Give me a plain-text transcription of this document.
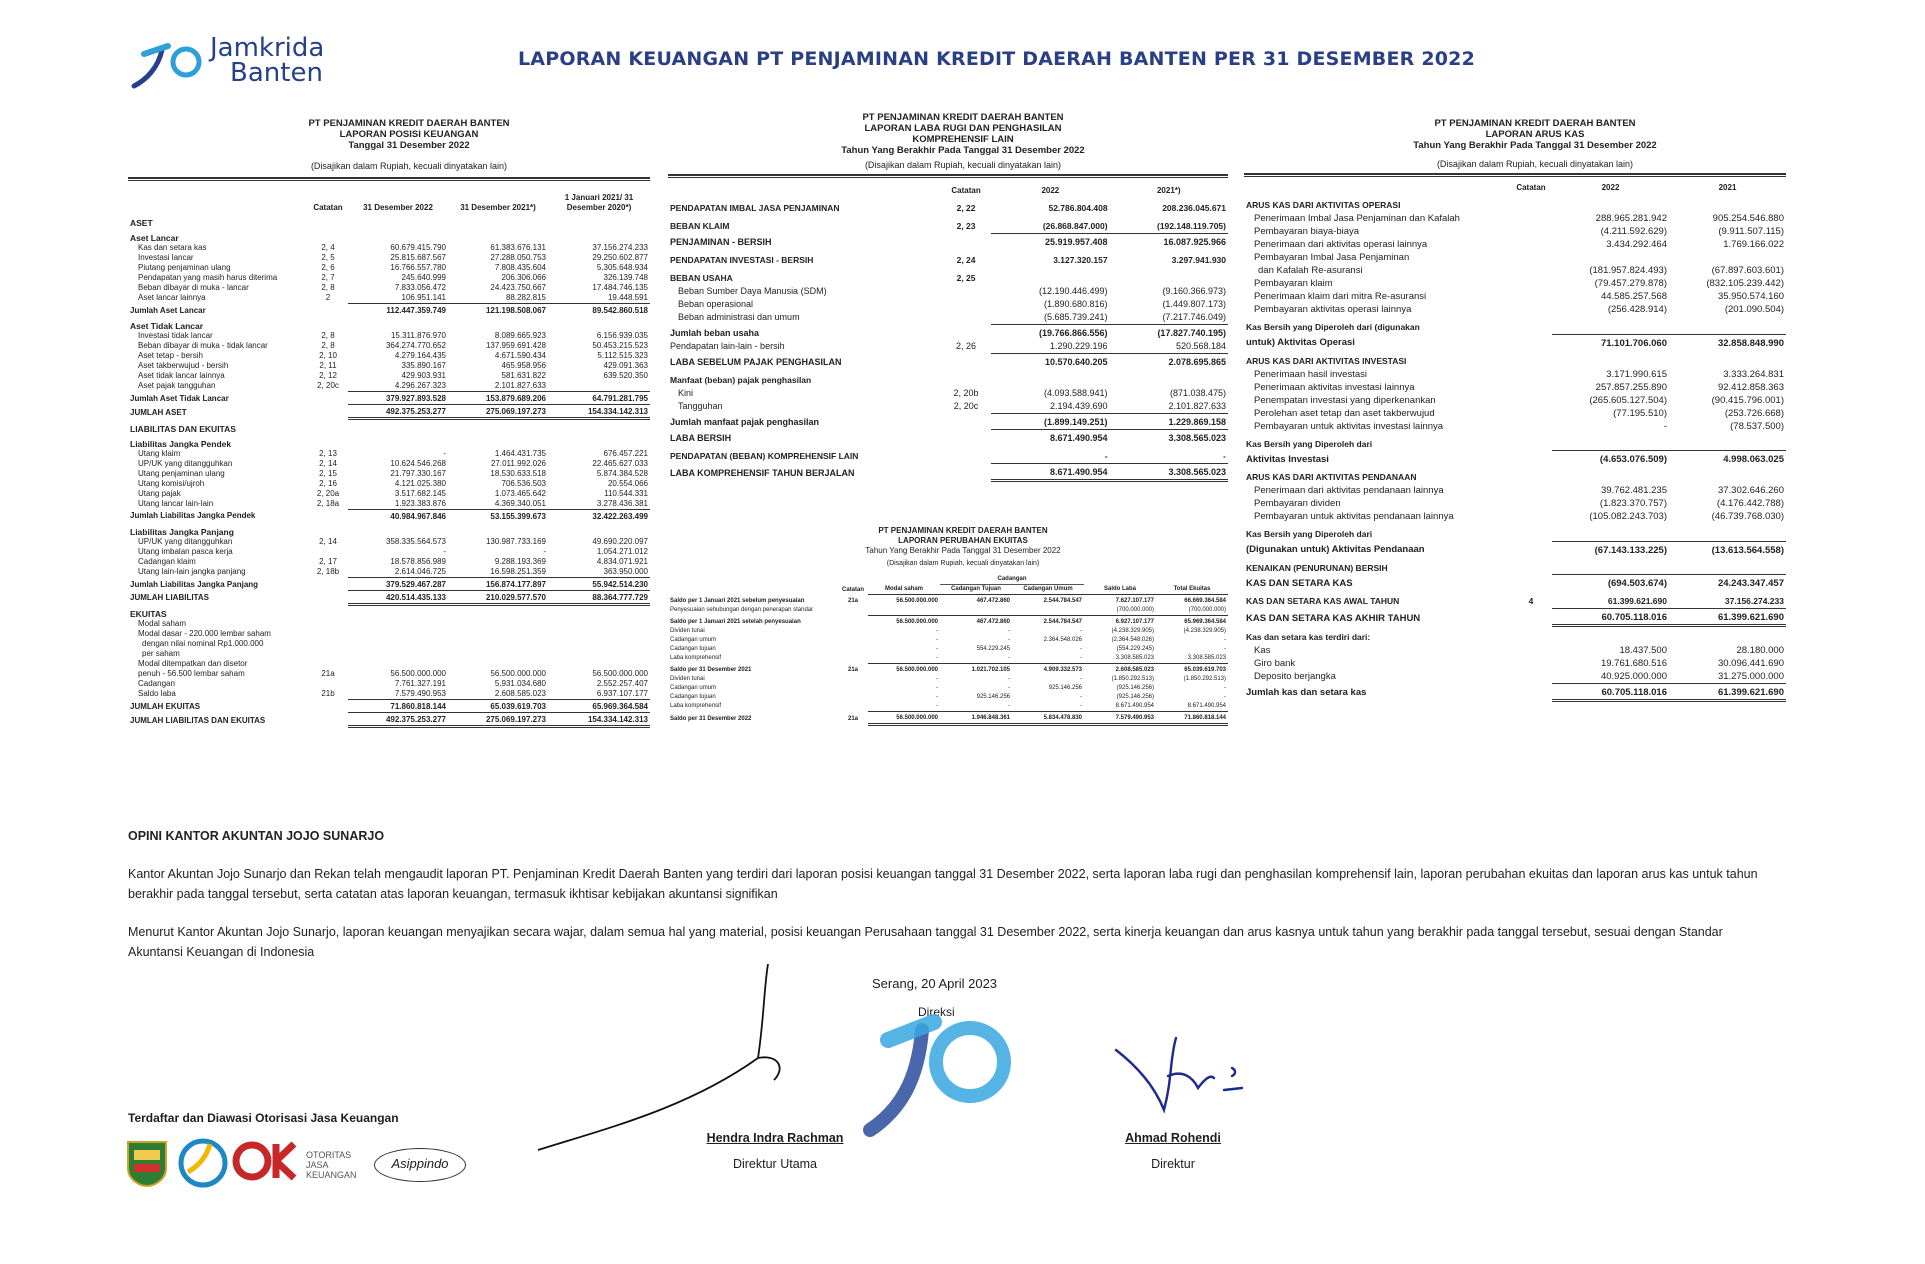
Jamkrida
Banten	LAPORAN KEUANGAN PT PENJAMINAN KREDIT DAERAH BANTEN PER 31 DESEMBER 2022
PT PENJAMINAN KREDIT DAERAH BANTEN
LAPORAN POSISI KEUANGAN
Tanggal 31 Desember 2022
(Disajikan dalam Rupiah, kecuali dinyatakan lain)
	Catatan	31 Desember 2022	31 Desember 2021*)	1 Januari 2021/ 31 Desember 2020*)
ASET				
Aset Lancar				
Kas dan setara kas	2, 4	60.679.415.790	61.383.676.131	37.156.274.233
Investasi lancar	2, 5	25.815.687.567	27.288.050.753	29.250.602.877
Piutang penjaminan ulang	2, 6	16.766.557.780	7.808.435.604	5.305.648.934
Pendapatan yang masih harus diterima	2, 7	245.640.999	206.306.066	326.139.748
Beban dibayar di muka - lancar	2, 8	7.833.056.472	24.423.750.667	17.484.746.135
Aset lancar lainnya	2	106.951.141	88.282.815	19.448.591
Jumlah Aset Lancar		112.447.359.749	121.198.508.067	89.542.860.518
Aset Tidak Lancar				
Investasi tidak lancar	2, 8	15.311.876.970	8.089.665.923	6.156.939.035
Beban dibayar di muka - tidak lancar	2, 8	364.274.770.652	137.959.691.428	50.453.215.523
Aset tetap - bersih	2, 10	4.279.164.435	4.671.590.434	5.112.515.323
Aset takberwujud - bersih	2, 11	335.890.167	465.958.956	429.091.363
Aset tidak lancar lainnya	2, 12	429.903.931	581.631.822	639.520.350
Aset pajak tangguhan	2, 20c	4.296.267.323	2.101.827.633	
Jumlah Aset Tidak Lancar		379.927.893.528	153.879.689.206	64.791.281.795
JUMLAH ASET		492.375.253.277	275.069.197.273	154.334.142.313
LIABILITAS DAN EKUITAS				
Liabilitas Jangka Pendek				
Utang klaim	2, 13	-	1.464.431.735	676.457.221
UP/UK yang ditangguhkan	2, 14	10.624.546.268	27.011.992.026	22.465.627.033
Utang penjaminan ulang	2, 15	21.797.330.167	18.530.633.518	5.874.384.528
Utang komisi/ujroh	2, 16	4.121.025.380	706.536.503	20.554.066
Utang pajak	2, 20a	3.517.682.145	1.073.465.642	110.544.331
Utang lancar lain-lain	2, 18a	1.923.383.876	4.369.340.051	3.278.436.381
Jumlah Liabilitas Jangka Pendek		40.984.967.846	53.155.399.673	32.422.263.499
Liabilitas Jangka Panjang				
UP/UK yang ditangguhkan	2, 14	358.335.564.573	130.987.733.169	49.690.220.097
Utang imbalan pasca kerja		-	-	1.054.271.012
Cadangan klaim	2, 17	18.578.856.989	9.288.193.369	4.834.071.921
Utang lain-lain jangka panjang	2, 18b	2.614.046.725	16.598.251.359	363.950.000
Jumlah Liabilitas Jangka Panjang		379.529.467.287	156.874.177.897	55.942.514.230
JUMLAH LIABILITAS		420.514.435.133	210.029.577.570	88.364.777.729
EKUITAS				
Modal saham				
Modal dasar - 220.000 lembar saham				
dengan nilai nominal Rp1.000.000				
per saham				
Modal ditempatkan dan disetor				
penuh - 56.500 lembar saham	21a	56.500.000.000	56.500.000.000	56.500.000.000
Cadangan		7.761.327.191	5.931.034.680	2.552.257.407
Saldo laba	21b	7.579.490.953	2.608.585.023	6.937.107.177
JUMLAH EKUITAS		71.860.818.144	65.039.619.703	65.969.364.584
JUMLAH LIABILITAS DAN EKUITAS		492.375.253.277	275.069.197.273	154.334.142.313
PT PENJAMINAN KREDIT DAERAH BANTEN
LAPORAN LABA RUGI DAN PENGHASILAN
KOMPREHENSIF LAIN
Tahun Yang Berakhir Pada Tanggal 31 Desember 2022
(Disajikan dalam Rupiah, kecuali dinyatakan lain)
	Catatan	2022	2021*)
PENDAPATAN IMBAL JASA PENJAMINAN	2, 22	52.786.804.408	208.236.045.671
BEBAN KLAIM	2, 23	(26.868.847.000)	(192.148.119.705)
PENJAMINAN - BERSIH		25.919.957.408	16.087.925.966
PENDAPATAN INVESTASI - BERSIH	2, 24	3.127.320.157	3.297.941.930
BEBAN USAHA	2, 25		
Beban Sumber Daya Manusia (SDM)		(12.190.446.499)	(9.160.366.973)
Beban operasional		(1.890.680.816)	(1.449.807.173)
Beban administrasi dan umum		(5.685.739.241)	(7.217.746.049)
Jumlah beban usaha		(19.766.866.556)	(17.827.740.195)
Pendapatan lain-lain - bersih	2, 26	1.290.229.196	520.568.184
LABA SEBELUM PAJAK PENGHASILAN		10.570.640.205	2.078.695.865
Manfaat (beban) pajak penghasilan			
Kini	2, 20b	(4.093.588.941)	(871.038.475)
Tangguhan	2, 20c	2.194.439.690	2.101.827.633
Jumlah manfaat pajak penghasilan		(1.899.149.251)	1.229.869.158
LABA BERSIH		8.671.490.954	3.308.565.023
PENDAPATAN (BEBAN) KOMPREHENSIF LAIN		-	-
LABA KOMPREHENSIF TAHUN BERJALAN		8.671.490.954	3.308.565.023
PT PENJAMINAN KREDIT DAERAH BANTEN
LAPORAN PERUBAHAN EKUITAS
Tahun Yang Berakhir Pada Tanggal 31 Desember 2022
(Disajikan dalam Rupiah, kecuali dinyatakan lain)
			Cadangan			
	Catatan	Modal saham	Cadangan Tujuan	Cadangan Umum	Saldo Laba	Total Ekuitas
Saldo per 1 Januari 2021 sebelum penyesuaian	21a	56.500.000.000	467.472.860	2.544.784.547	7.627.107.177	66.669.364.584
Penyesuaian sehubungan dengan penerapan standar					(700.000.000)	(700.000.000)
Saldo per 1 Januari 2021 setelah penyesuaian		56.500.000.000	467.472.860	2.544.784.547	6.927.107.177	65.969.364.584
Dividen tunai		-	-	-	(4.238.329.905)	(4.238.329.905)
Cadangan umum		-	-	2.364.548.026	(2.364.548.026)	-
Cadangan tujuan		-	554.229.245	-	(554.229.245)	-
Laba komprehensif		-	-	-	3.308.585.023	3.308.585.023
Saldo per 31 Desember 2021	21a	56.500.000.000	1.021.702.105	4.909.332.573	2.608.585.023	65.039.619.703
Dividen tunai		-	-	-	(1.850.292.513)	(1.850.292.513)
Cadangan umum		-	-	925.146.256	(925.146.256)	-
Cadangan tujuan		-	925.146.256	-	(925.146.256)	-
Laba komprehensif		-	-	-	8.671.490.954	8.671.490.954
Saldo per 31 Desember 2022	21a	56.500.000.000	1.946.848.361	5.834.478.830	7.579.490.953	71.860.818.144
PT PENJAMINAN KREDIT DAERAH BANTEN
LAPORAN ARUS KAS
Tahun Yang Berakhir Pada Tanggal 31 Desember 2022
(Disajikan dalam Rupiah, kecuali dinyatakan lain)
	Catatan	2022	2021
ARUS KAS DARI AKTIVITAS OPERASI			
Penerimaan Imbal Jasa Penjaminan dan Kafalah		288.965.281.942	905.254.546.880
Pembayaran biaya-biaya		(4.211.592.629)	(9.911.507.115)
Penerimaan dari aktivitas operasi lainnya		3.434.292.464	1.769.166.022
Pembayaran Imbal Jasa Penjaminan			
dan Kafalah Re-asuransi		(181.957.824.493)	(67.897.603.601)
Pembayaran klaim		(79.457.279.878)	(832.105.239.442)
Penerimaan klaim dari mitra Re-asuransi		44.585.257.568	35.950.574.160
Pembayaran aktivitas operasi lainnya		(256.428.914)	(201.090.504)
Kas Bersih yang Diperoleh dari (digunakan			
untuk) Aktivitas Operasi		71.101.706.060	32.858.848.990
ARUS KAS DARI AKTIVITAS INVESTASI			
Penerimaan hasil investasi		3.171.990.615	3.333.264.831
Penerimaan aktivitas investasi lainnya		257.857.255.890	92.412.858.363
Penempatan investasi yang diperkenankan		(265.605.127.504)	(90.415.796.001)
Perolehan aset tetap dan aset takberwujud		(77.195.510)	(253.726.668)
Pembayaran untuk aktivitas investasi lainnya		-	(78.537.500)
Kas Bersih yang Diperoleh dari			
Aktivitas Investasi		(4.653.076.509)	4.998.063.025
ARUS KAS DARI AKTIVITAS PENDANAAN			
Penerimaan dari aktivitas pendanaan lainnya		39.762.481.235	37.302.646.260
Pembayaran dividen		(1.823.370.757)	(4.176.442.788)
Pembayaran untuk aktivitas pendanaan lainnya		(105.082.243.703)	(46.739.768.030)
Kas Bersih yang Diperoleh dari			
(Digunakan untuk) Aktivitas Pendanaan		(67.143.133.225)	(13.613.564.558)
KENAIKAN (PENURUNAN) BERSIH			
KAS DAN SETARA KAS		(694.503.674)	24.243.347.457
KAS DAN SETARA KAS AWAL TAHUN	4	61.399.621.690	37.156.274.233
KAS DAN SETARA KAS AKHIR TAHUN		60.705.118.016	61.399.621.690
Kas dan setara kas terdiri dari:			
Kas		18.437.500	28.180.000
Giro bank		19.761.680.516	30.096.441.690
Deposito berjangka		40.925.000.000	31.275.000.000
Jumlah kas dan setara kas		60.705.118.016	61.399.621.690
OPINI KANTOR AKUNTAN JOJO SUNARJO

Kantor Akuntan Jojo Sunarjo dan Rekan telah mengaudit laporan PT. Penjaminan Kredit Daerah Banten yang terdiri dari laporan posisi keuangan tanggal 31 Desember 2022, serta laporan laba rugi dan penghasilan komprehensif lain, laporan perubahan ekuitas dan laporan arus kas untuk tahun berakhir pada tanggal tersebut, serta catatan atas laporan keuangan, termasuk ikhtisar kebijakan akuntansi signifikan

Menurut Kantor Akuntan Jojo Sunarjo, laporan keuangan menyajikan secara wajar, dalam semua hal yang material, posisi keuangan Perusahaan tanggal 31 Desember 2022, serta kinerja keuangan dan arus kasnya untuk tahun yang berakhir pada tanggal tersebut, sesuai dengan Standar Akuntansi Keuangan di Indonesia

Serang, 20 April 2023
Direksi
Hendra Indra Rachman
Direktur Utama
Ahmad Rohendi
Direktur
Terdaftar dan Diawasi Otorisasi Jasa Keuangan
OTORITAS JASA KEUANGAN
Asippindo
